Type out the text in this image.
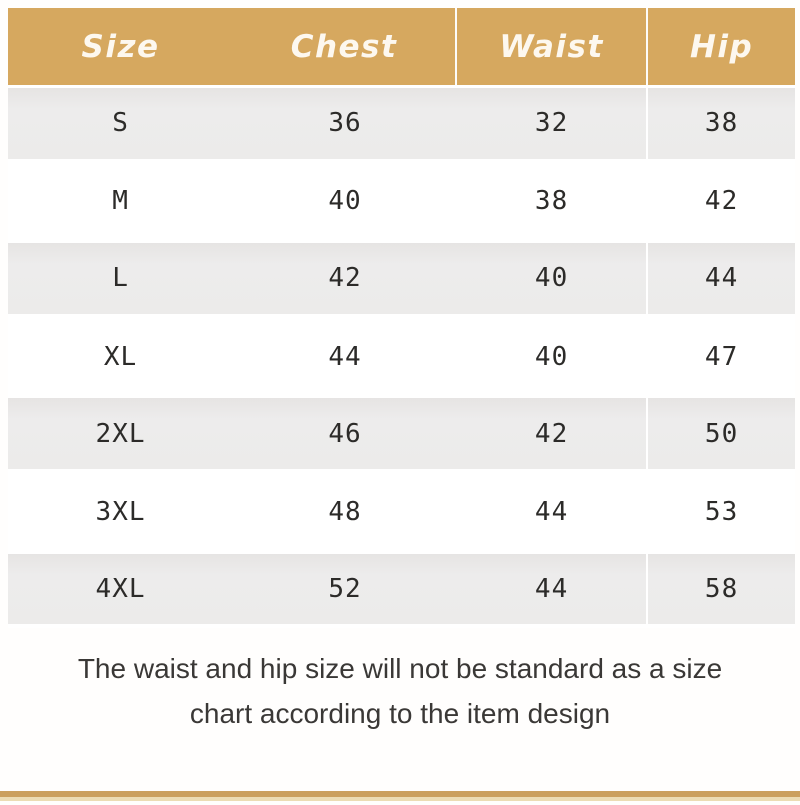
Size	Chest	Waist	Hip
S	36	32	38
M	40	38	42
L	42	40	44
XL	44	40	47
2XL	46	42	50
3XL	48	44	53
4XL	52	44	58
The waist and hip size will not be standard as a size
chart according to the item design
